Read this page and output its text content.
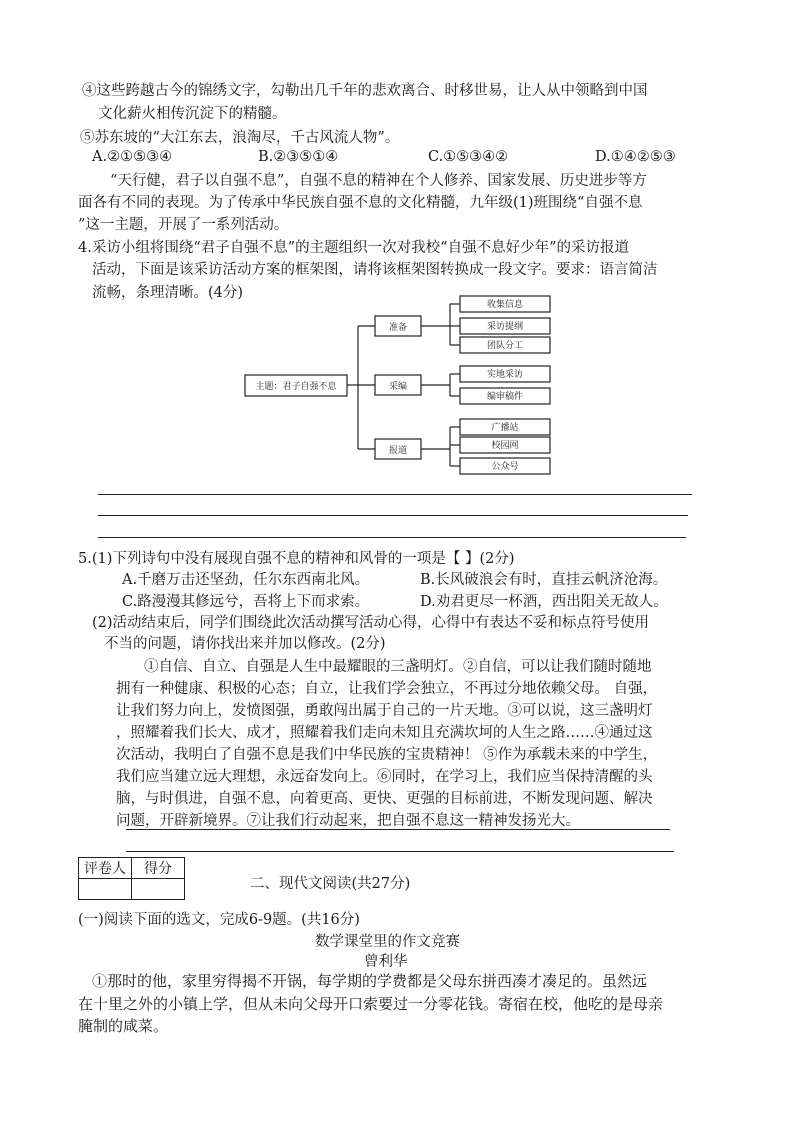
④这些跨越古今的锦绣文字，勾勒出几千年的悲欢离合、时移世易，让人从中领略到中国
文化薪火相传沉淀下的精髓。
⑤苏东坡的“大江东去，浪淘尽，千古风流人物”。
A.②①⑤③④	B.②③⑤①④	C.①⑤③④②	D.①④②⑤③
“天行健，君子以自强不息”，自强不息的精神在个人修养、国家发展、历史进步等方
面各有不同的表现。为了传承中华民族自强不息的文化精髓，九年级(1)班围绕“自强不息
”这一主题，开展了一系列活动。
4.采访小组将围绕“君子自强不息”的主题组织一次对我校“自强不息好少年”的采访报道
活动，下面是该采访活动方案的框架图，请将该框架图转换成一段文字。要求：语言简洁
流畅，条理清晰。(4分)
主题：君子自强不息
准备
采编
报道
收集信息
采访提纲
团队分工
实地采访
编审稿件
广播站
校园网
公众号
5.(1)下列诗句中没有展现自强不息的精神和风骨的一项是【 】(2分)
A.千磨万击还坚劲，任尔东西南北风。	B.长风破浪会有时，直挂云帆济沧海。
C.路漫漫其修远兮，吾将上下而求索。	D.劝君更尽一杯酒，西出阳关无故人。
(2)活动结束后，同学们围绕此次活动撰写活动心得，心得中有表达不妥和标点符号使用
不当的问题，请你找出来并加以修改。(2分)
①自信、自立、自强是人生中最耀眼的三盏明灯。②自信，可以让我们随时随地
拥有一种健康、积极的心态；自立，让我们学会独立，不再过分地依赖父母。 自强，
让我们努力向上，发愤图强，勇敢闯出属于自己的一片天地。③可以说，这三盏明灯
，照耀着我们长大、成才，照耀着我们走向未知且充满坎坷的人生之路……④通过这
次活动，我明白了自强不息是我们中华民族的宝贵精神！ ⑤作为承载未来的中学生，
我们应当建立远大理想，永远奋发向上。⑥同时，在学习上，我们应当保持清醒的头
脑，与时俱进，自强不息，向着更高、更快、更强的目标前进，不断发现问题、解决
问题，开辟新境界。⑦让我们行动起来，把自强不息这一精神发扬光大。
评卷人	得分

二、现代文阅读(共27分)
(一)阅读下面的选文，完成6-9题。(共16分)
数学课堂里的作文竞赛
曾利华
①那时的他，家里穷得揭不开锅，每学期的学费都是父母东拼西凑才凑足的。虽然远
在十里之外的小镇上学，但从未向父母开口索要过一分零花钱。寄宿在校，他吃的是母亲
腌制的咸菜。
